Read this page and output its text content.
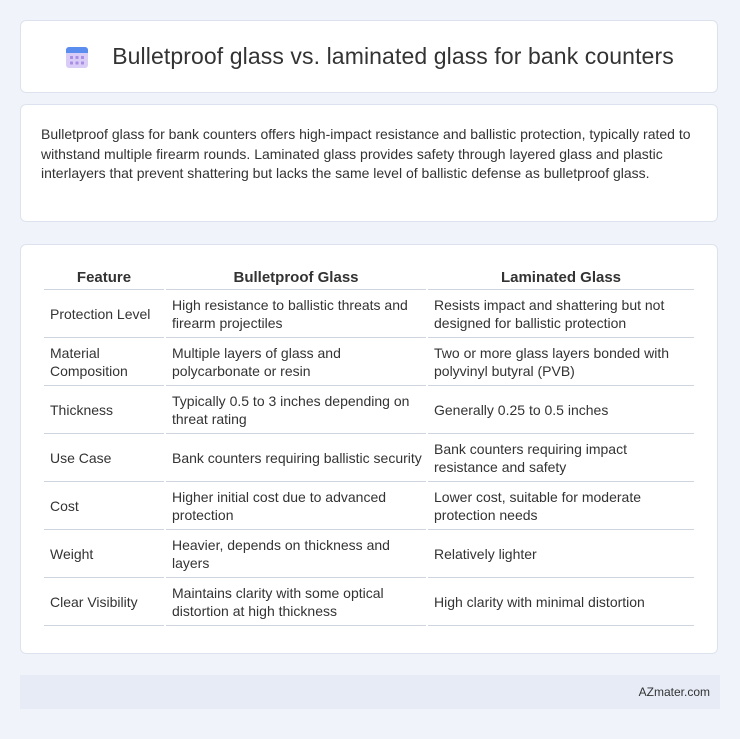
Bulletproof glass vs. laminated glass for bank counters

Bulletproof glass for bank counters offers high-impact resistance and ballistic protection, typically rated to withstand multiple firearm rounds. Laminated glass provides safety through layered glass and plastic interlayers that prevent shattering but lacks the same level of ballistic defense as bulletproof glass.

Feature	Bulletproof Glass	Laminated Glass
Protection Level	High resistance to ballistic threats and firearm projectiles	Resists impact and shattering but not designed for ballistic protection
Material Composition	Multiple layers of glass and polycarbonate or resin	Two or more glass layers bonded with polyvinyl butyral (PVB)
Thickness	Typically 0.5 to 3 inches depending on threat rating	Generally 0.25 to 0.5 inches
Use Case	Bank counters requiring ballistic security	Bank counters requiring impact resistance and safety
Cost	Higher initial cost due to advanced protection	Lower cost, suitable for moderate protection needs
Weight	Heavier, depends on thickness and layers	Relatively lighter
Clear Visibility	Maintains clarity with some optical distortion at high thickness	High clarity with minimal distortion
AZmater.com
